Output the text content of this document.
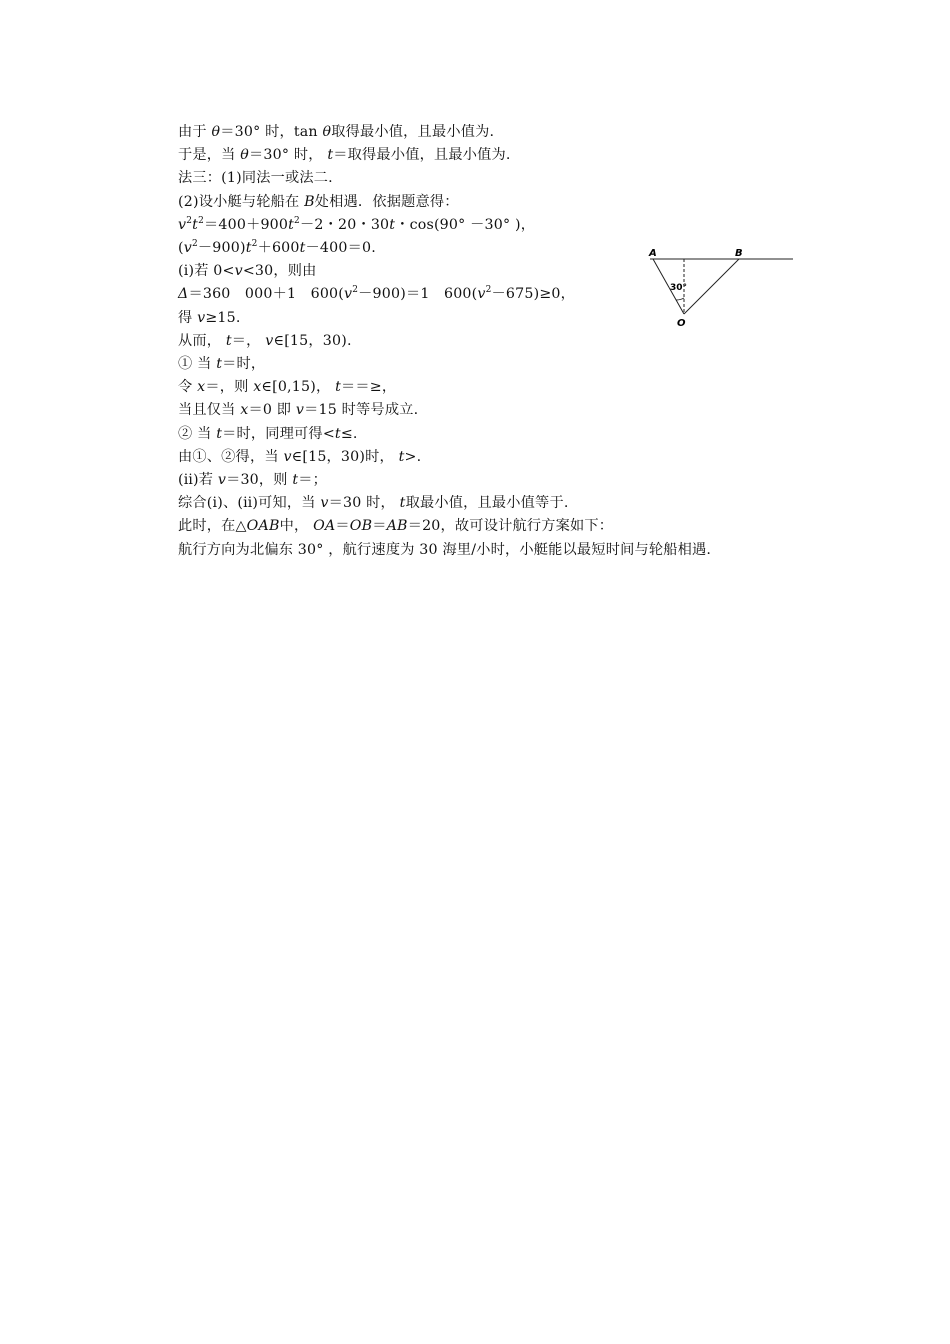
由于 θ＝30° 时，tan θ取得最小值，且最小值为.
于是，当 θ＝30° 时， t＝取得最小值，且最小值为.
法三：(1)同法一或法二.
(2)设小艇与轮船在 B处相遇．依据题意得：
$v^2t^2=400+900t^2-2$・20・30t・cos(90° －30° )，
$(v^2-900)t^2+600t-400=0$.
(ⅰ)若 0<v<30，则由
Δ＝360　000＋1　$600(v^2-900)=1$　$600(v^2-675)\ge 0$，
得 v≥15.
从而， t＝， v∈[15，30).
① 当 t＝时，
令 x＝，则 x∈[0,15)， t＝＝≥，
当且仅当 x＝0 即 v＝15 时等号成立.
② 当 t＝时，同理可得<t≤.
由①、②得，当 v∈[15，30)时， t>.
(ⅱ)若 v＝30，则 t＝；
综合(ⅰ)、(ⅱ)可知，当 v＝30 时， t取最小值，且最小值等于.
此时，在△OAB中， OA＝OB＝AB＝20，故可设计航行方案如下：
航行方向为北偏东 30° ，航行速度为 30 海里/小时，小艇能以最短时间与轮船相遇.
A	B
O
30°
